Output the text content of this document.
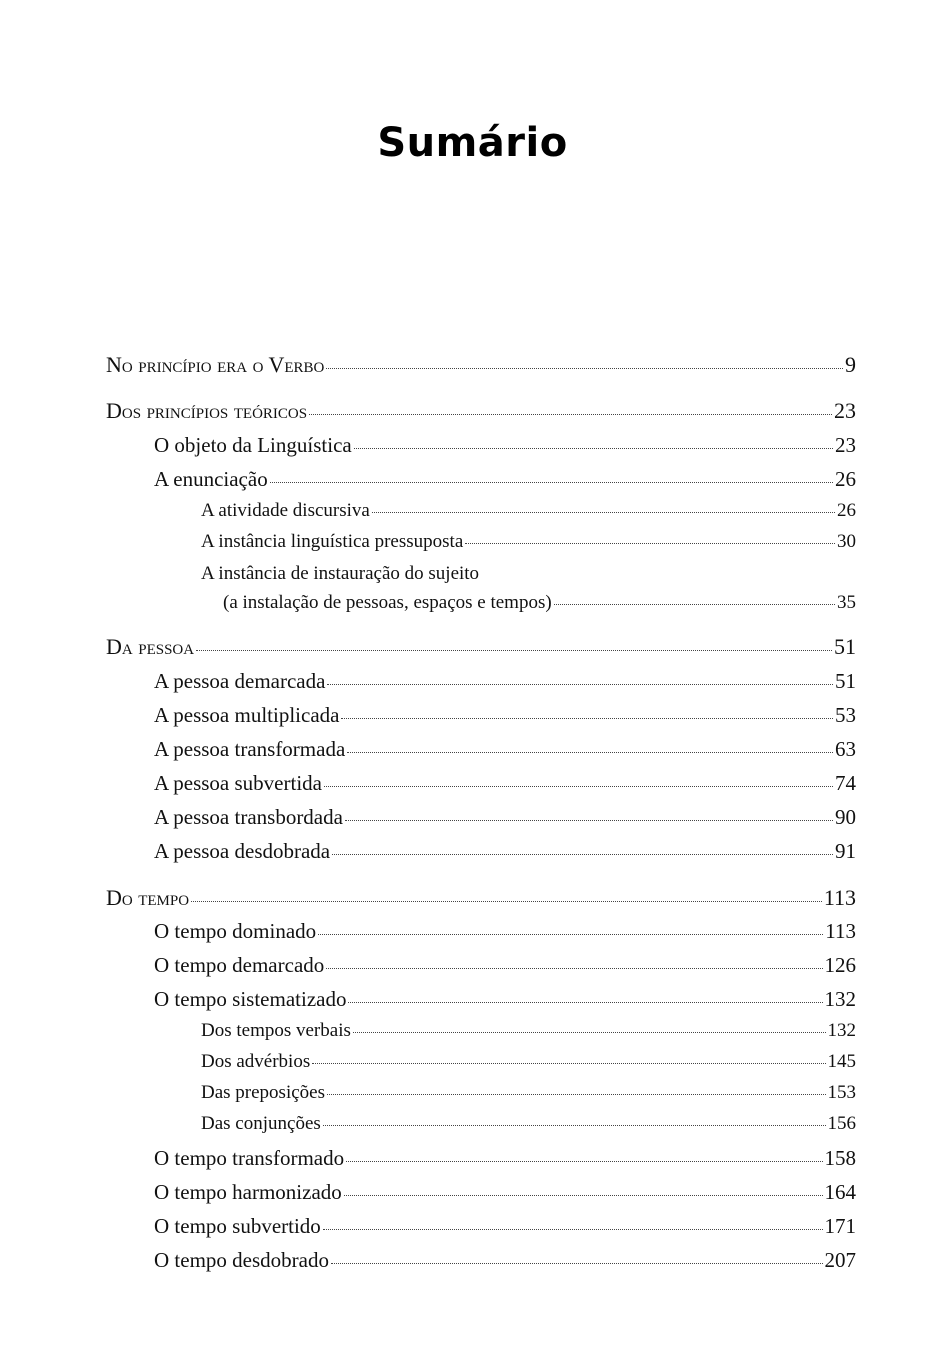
Sumário
No princípio era o Verbo	9
Dos princípios teóricos	23
O objeto da Linguística	23
A enunciação	26
A atividade discursiva	26
A instância linguística pressuposta	30
A instância de instauração do sujeito
(a instalação de pessoas, espaços e tempos)	35
Da pessoa	51
A pessoa demarcada	51
A pessoa multiplicada	53
A pessoa transformada	63
A pessoa subvertida	74
A pessoa transbordada	90
A pessoa desdobrada	91
Do tempo	113
O tempo dominado	113
O tempo demarcado	126
O tempo sistematizado	132
Dos tempos verbais	132
Dos advérbios	145
Das preposições	153
Das conjunções	156
O tempo transformado	158
O tempo harmonizado	164
O tempo subvertido	171
O tempo desdobrado	207
